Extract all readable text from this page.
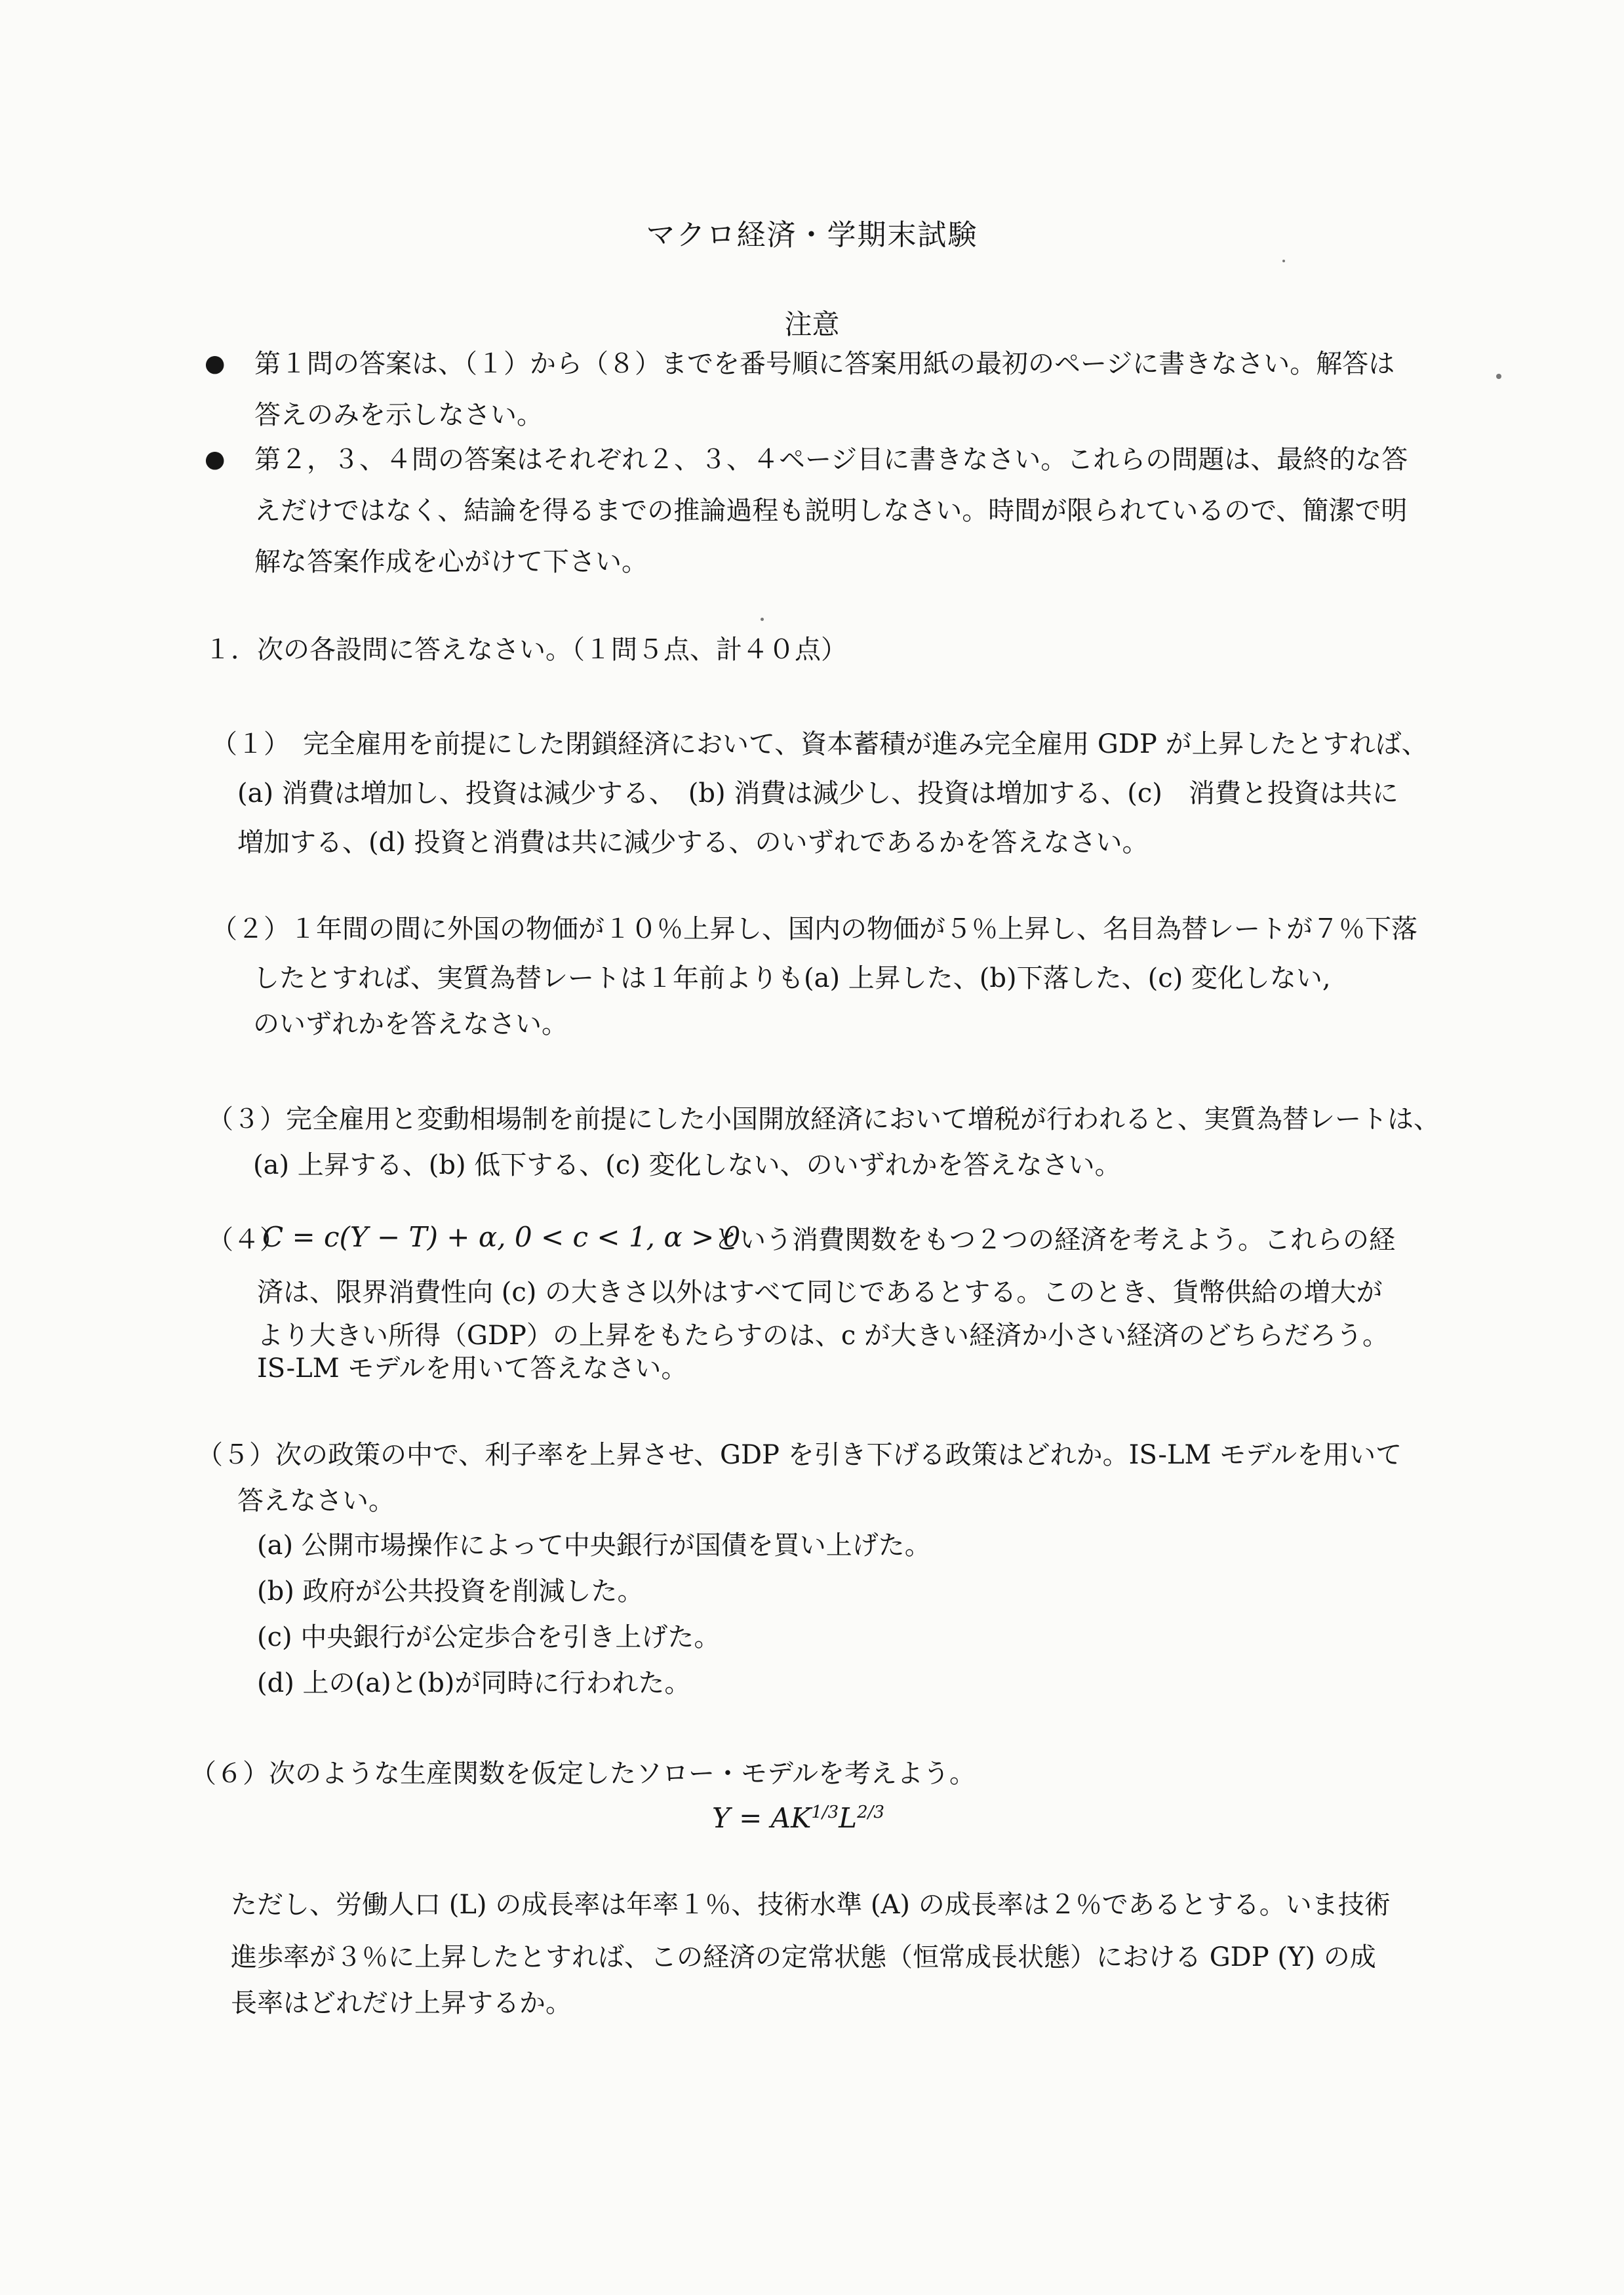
マクロ経済・学期末試験
注意
● 第１問の答案は、（１）から（８）までを番号順に答案用紙の最初のページに書きなさい。解答は
答えのみを示しなさい。
● 第２，３、４問の答案はそれぞれ２、３、４ページ目に書きなさい。これらの問題は、最終的な答
えだけではなく、結論を得るまでの推論過程も説明しなさい。時間が限られているので、簡潔で明
解な答案作成を心がけて下さい。
１．次の各設問に答えなさい。（１問５点、計４０点）
（１）　完全雇用を前提にした閉鎖経済において、資本蓄積が進み完全雇用 GDP が上昇したとすれば、
(a) 消費は増加し、投資は減少する、　(b) 消費は減少し、投資は増加する、(c)　消費と投資は共に
増加する、(d) 投資と消費は共に減少する、のいずれであるかを答えなさい。
（２）１年間の間に外国の物価が１０％上昇し、国内の物価が５％上昇し、名目為替レートが７％下落
したとすれば、実質為替レートは１年前よりも(a) 上昇した、(b)下落した、(c) 変化しない,
のいずれかを答えなさい。
（３）完全雇用と変動相場制を前提にした小国開放経済において増税が行われると、実質為替レートは、
(a) 上昇する、(b) 低下する、(c) 変化しない、のいずれかを答えなさい。
（４）
C = c(Y − T) + α, 0 < c < 1, α > 0
という消費関数をもつ２つの経済を考えよう。これらの経
済は、限界消費性向 (c) の大きさ以外はすべて同じであるとする。このとき、貨幣供給の増大が
より大きい所得（GDP）の上昇をもたらすのは、c が大きい経済か小さい経済のどちらだろう。
IS-LM モデルを用いて答えなさい。
（５）次の政策の中で、利子率を上昇させ、GDP を引き下げる政策はどれか。IS-LM モデルを用いて
答えなさい。
(a) 公開市場操作によって中央銀行が国債を買い上げた。
(b) 政府が公共投資を削減した。
(c) 中央銀行が公定歩合を引き上げた。
(d) 上の(a)と(b)が同時に行われた。
（６）次のような生産関数を仮定したソロー・モデルを考えよう。
$Y = AK^{1/3}L^{2/3}$
ただし、労働人口 (L) の成長率は年率１％、技術水準 (A) の成長率は２％であるとする。いま技術
進歩率が３％に上昇したとすれば、この経済の定常状態（恒常成長状態）における GDP (Y) の成
長率はどれだけ上昇するか。
